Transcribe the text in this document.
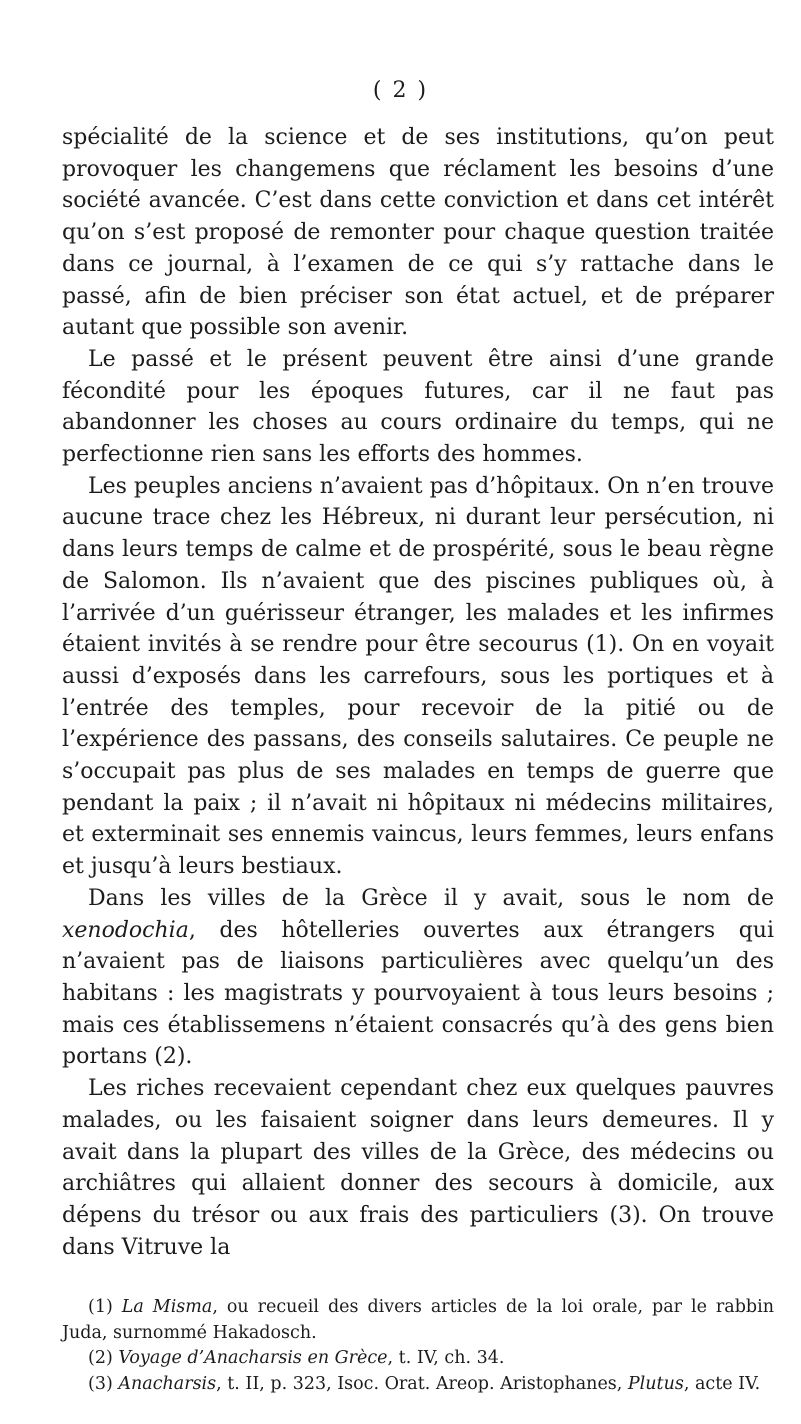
( 2 )

spécialité de la science et de ses institutions, qu’on peut provoquer les changemens que réclament les besoins d’une société avancée. C’est dans cette conviction et dans cet intérêt qu’on s’est proposé de remonter pour chaque question traitée dans ce journal, à l’examen de ce qui s’y rattache dans le passé, afin de bien préciser son état actuel, et de préparer autant que possible son avenir.

Le passé et le présent peuvent être ainsi d’une grande fécondité pour les époques futures, car il ne faut pas abandonner les choses au cours ordinaire du temps, qui ne perfectionne rien sans les efforts des hommes.

Les peuples anciens n’avaient pas d’hôpitaux. On n’en trouve aucune trace chez les Hébreux, ni durant leur persécution, ni dans leurs temps de calme et de prospérité, sous le beau règne de Salomon. Ils n’avaient que des piscines publiques où, à l’arrivée d’un guérisseur étranger, les malades et les infirmes étaient invités à se rendre pour être secourus (1). On en voyait aussi d’exposés dans les carrefours, sous les portiques et à l’entrée des temples, pour recevoir de la pitié ou de l’expérience des passans, des conseils salutaires. Ce peuple ne s’occupait pas plus de ses malades en temps de guerre que pendant la paix ; il n’avait ni hôpitaux ni médecins militaires, et exterminait ses ennemis vaincus, leurs femmes, leurs enfans et jusqu’à leurs bestiaux.

Dans les villes de la Grèce il y avait, sous le nom de xenodochia, des hôtelleries ouvertes aux étrangers qui n’avaient pas de liaisons particulières avec quelqu’un des habitans : les magistrats y pourvoyaient à tous leurs besoins ; mais ces établissemens n’étaient consacrés qu’à des gens bien portans (2).

Les riches recevaient cependant chez eux quelques pauvres malades, ou les faisaient soigner dans leurs demeures. Il y avait dans la plupart des villes de la Grèce, des médecins ou archiâtres qui allaient donner des secours à domicile, aux dépens du trésor ou aux frais des particuliers (3). On trouve dans Vitruve la

(1) La Misma, ou recueil des divers articles de la loi orale, par le rabbin Juda, surnommé Hakadosch.

(2) Voyage d’Anacharsis en Grèce, t. IV, ch. 34.

(3) Anacharsis, t. II, p. 323, Isoc. Orat. Areop. Aristophanes, Plutus, acte IV.
